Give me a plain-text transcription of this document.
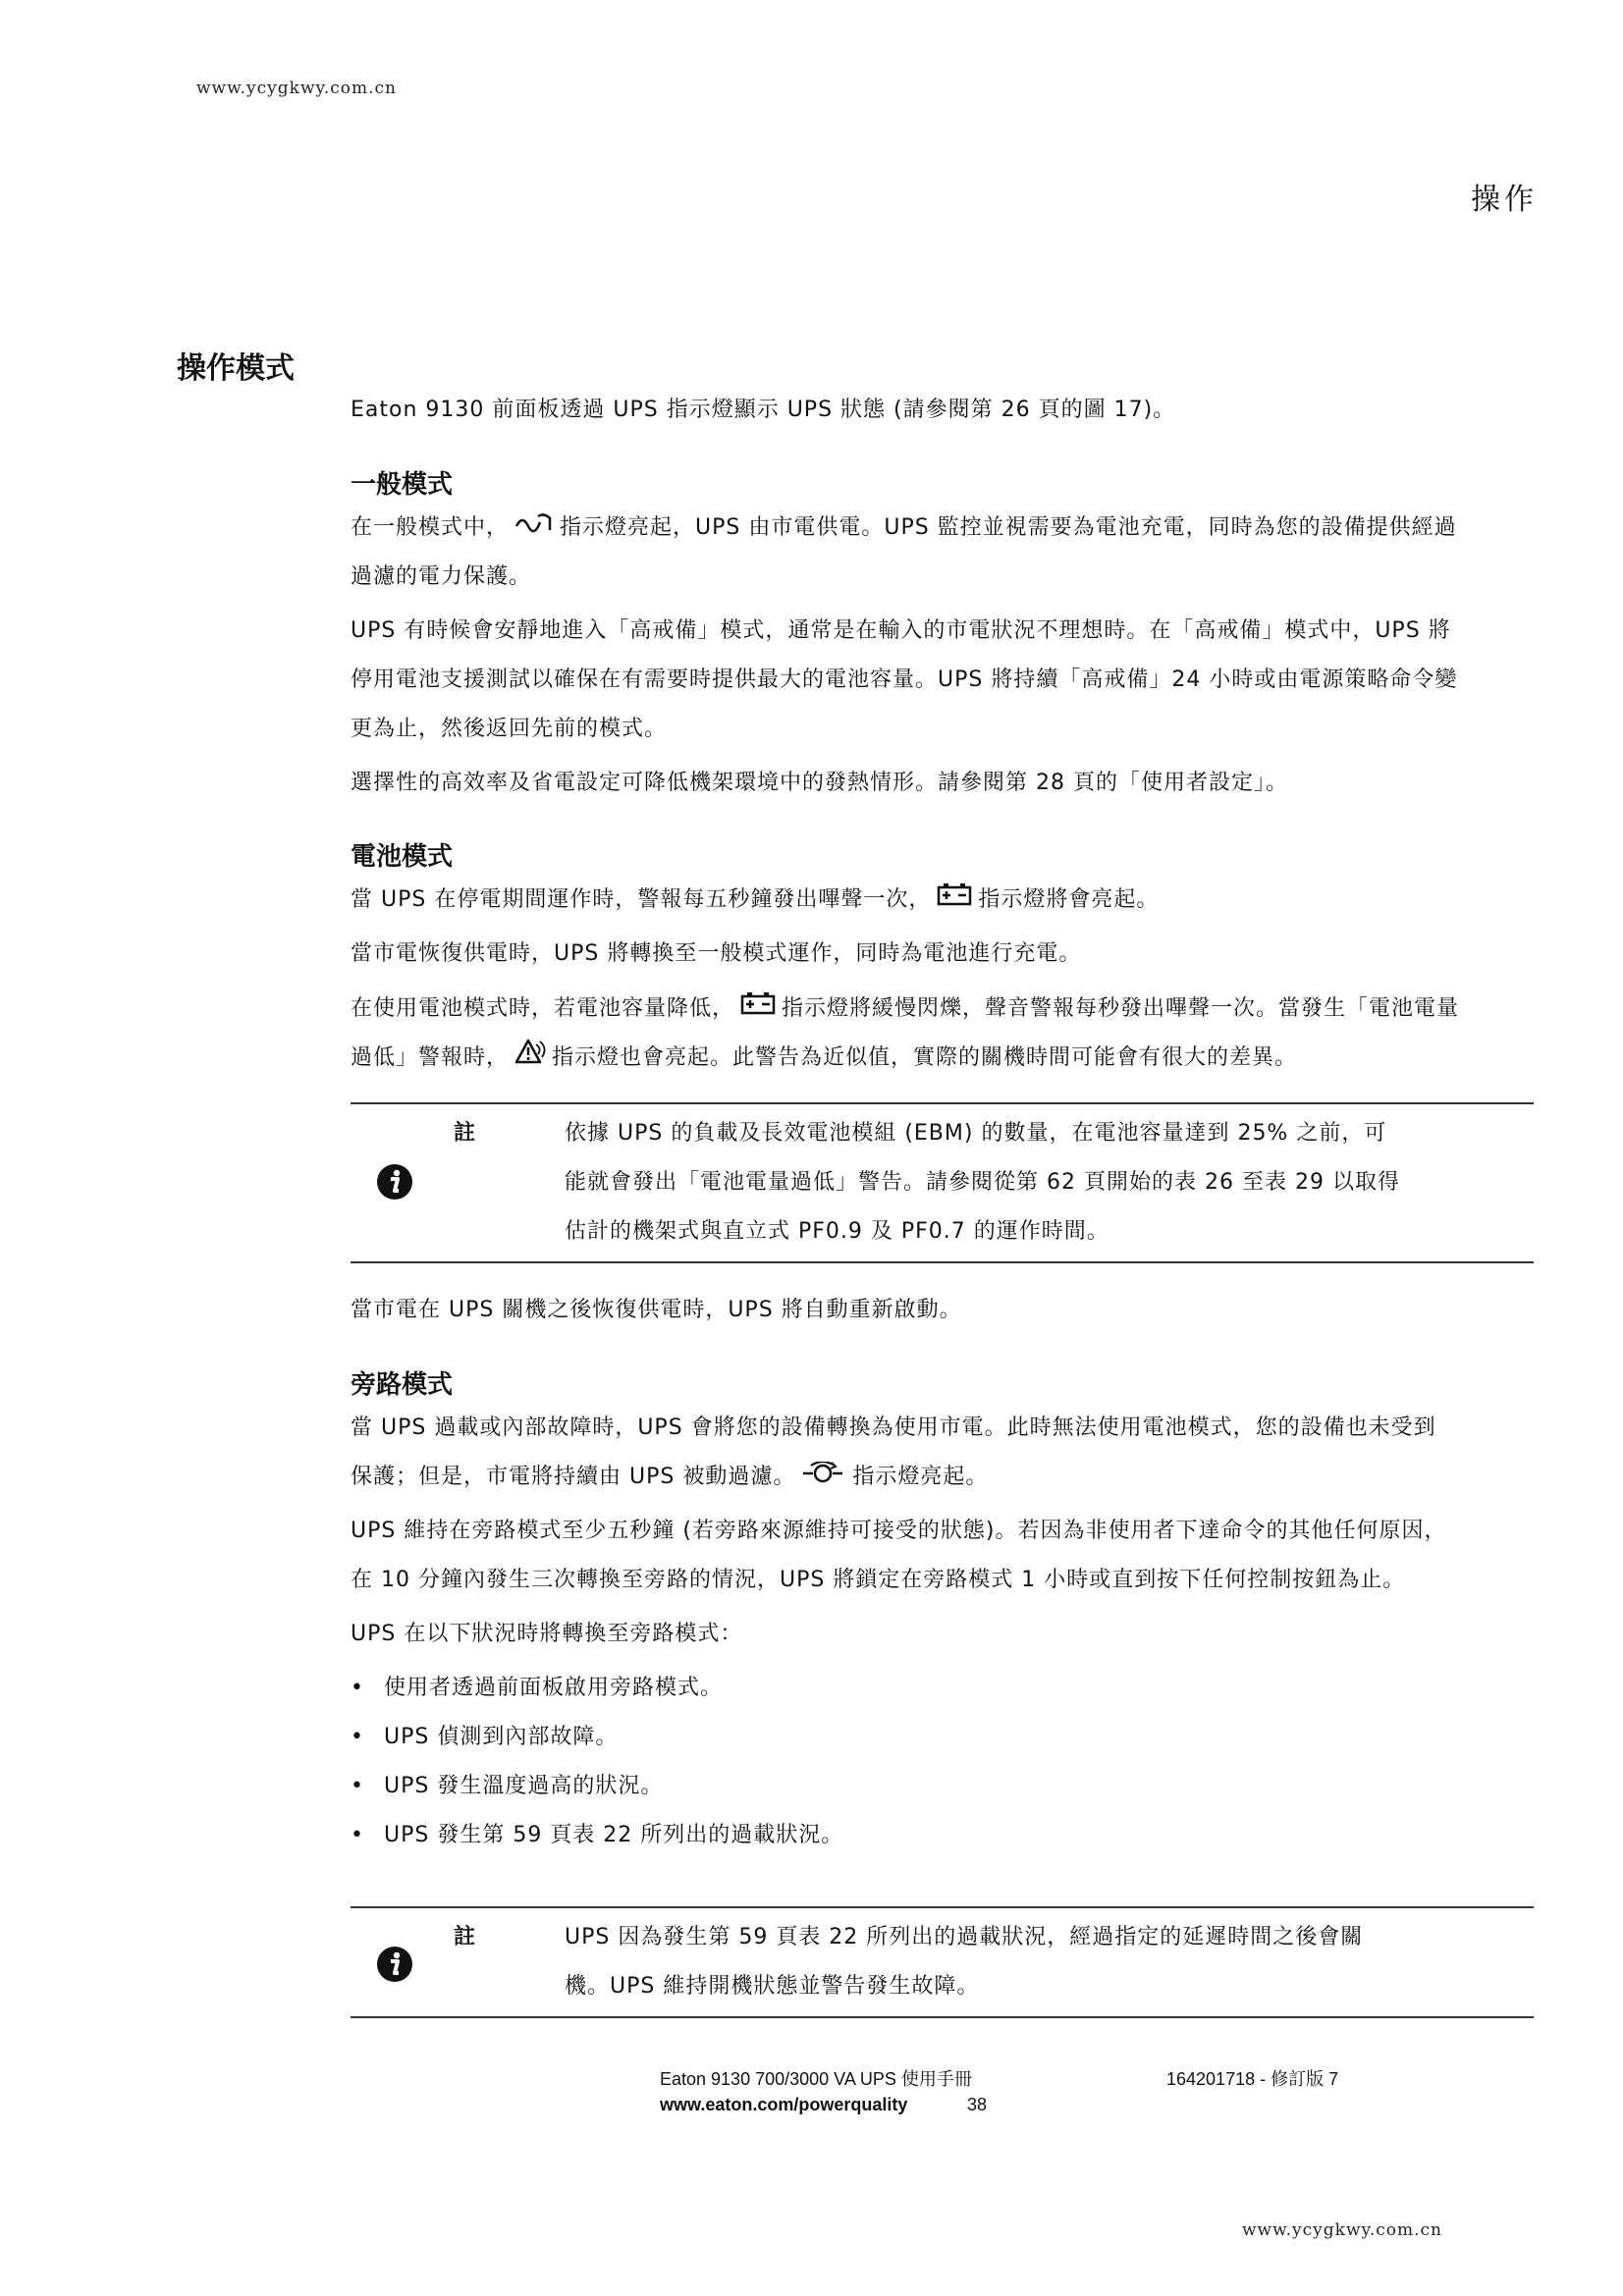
www.ycygkwy.com.cn
操作
操作模式
Eaton 9130 前面板透過 UPS 指示燈顯示 UPS 狀態 (請參閱第 26 頁的圖 17)。
一般模式
在一般模式中， 指示燈亮起，UPS 由市電供電。UPS 監控並視需要為電池充電，同時為您的設備提供經過
過濾的電力保護。
UPS 有時候會安靜地進入「高戒備」模式，通常是在輸入的市電狀況不理想時。在「高戒備」模式中，UPS 將
停用電池支援測試以確保在有需要時提供最大的電池容量。UPS 將持續「高戒備」24 小時或由電源策略命令變
更為止，然後返回先前的模式。
選擇性的高效率及省電設定可降低機架環境中的發熱情形。請參閱第 28 頁的「使用者設定」。
電池模式
當 UPS 在停電期間運作時，警報每五秒鐘發出嗶聲一次， 指示燈將會亮起。
當市電恢復供電時，UPS 將轉換至一般模式運作，同時為電池進行充電。
在使用電池模式時，若電池容量降低， 指示燈將緩慢閃爍，聲音警報每秒發出嗶聲一次。當發生「電池電量
過低」警報時， 指示燈也會亮起。此警告為近似值，實際的關機時間可能會有很大的差異。
註	依據 UPS 的負載及長效電池模組 (EBM) 的數量，在電池容量達到 25% 之前，可
能就會發出「電池電量過低」警告。請參閱從第 62 頁開始的表 26 至表 29 以取得
估計的機架式與直立式 PF0.9 及 PF0.7 的運作時間。
當市電在 UPS 關機之後恢復供電時，UPS 將自動重新啟動。
旁路模式
當 UPS 過載或內部故障時，UPS 會將您的設備轉換為使用市電。此時無法使用電池模式，您的設備也未受到
保護；但是，市電將持續由 UPS 被動過濾。	指示燈亮起。
UPS 維持在旁路模式至少五秒鐘 (若旁路來源維持可接受的狀態)。若因為非使用者下達命令的其他任何原因，
在 10 分鐘內發生三次轉換至旁路的情況，UPS 將鎖定在旁路模式 1 小時或直到按下任何控制按鈕為止。
UPS 在以下狀況時將轉換至旁路模式：
• 使用者透過前面板啟用旁路模式。
• UPS 偵測到內部故障。
• UPS 發生溫度過高的狀況。
• UPS 發生第 59 頁表 22 所列出的過載狀況。
註	UPS 因為發生第 59 頁表 22 所列出的過載狀況，經過指定的延遲時間之後會關
機。UPS 維持開機狀態並警告發生故障。
Eaton 9130 700/3000 VA UPS 使用手冊	164201718 - 修訂版 7
www.eaton.com/powerquality	38
www.ycygkwy.com.cn
